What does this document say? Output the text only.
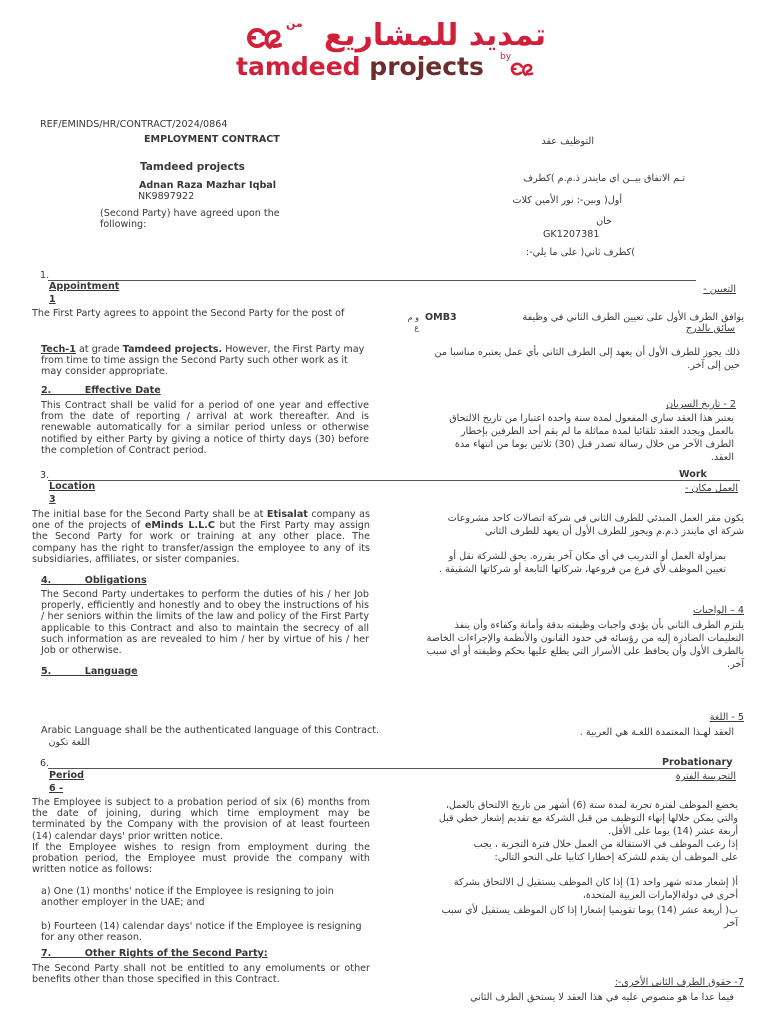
من تمديد للمشاريع
tamdeed projects by
REF/EMINDS/HR/CONTRACT/2024/0864
EMPLOYMENT CONTRACT	التوظيف عقد
Tamdeed projects
Adnan Raza Mazhar Iqbal
NK9897922
(Second Party) have agreed upon the following:
تـم الاتفاق بيــن اي مايندز ذ.م.م )كطرف
أول( وبين-: نور الأمين كلات
خان
GK1207381
)كطرف ثاني( على ما يلي-:
1.
Appointment
1
التعيين -
The First Party agrees to appoint the Second Party for the post of	OMB3
و م ع
يوافق الطرف الأول على تعيين الطرف الثاني في وظيفة
سائق بالدرج

Tech-1 at grade Tamdeed projects. However, the First Party may from time to time assign the Second Party such other work as it may consider appropriate.

ذلك يجوز للطرف الأول أن يعهد إلى الطرف الثاني بأي عمل يعتبره مناسبا من حين إلى آخر.
2.          Effective Date
This Contract shall be valid for a period of one year and effective from the date of reporting / arrival at work thereafter. And is renewable automatically for a similar period unless or otherwise notified by either Party by giving a notice of thirty days (30) before the completion of Contract period.
2 - تاريخ السريان
يعتبر هذا العقد ساري المفعول لمدة سنة واحدة اعتبارا من تاريخ الالتحاق بالعمل ويجدد العقد تلقائيا لمدة مماثلة ما لم يقم أحد الطرفين بإخطار الطرف الآخر من خلال رسالة تصدر قبل (30) ثلاثين يوما من انتهاء مدة العقد.
3.	Work
Location
3
العمل مكان -

The initial base for the Second Party shall be at Etisalat company as one of the projects of eMinds L.L.C but the First Party may assign the Second Party for work or training at any other place. The company has the right to transfer/assign the employee to any of its subsidiaries, affiliates, or sister companies.

يكون مقر العمل المبدئي للطرف الثاني في شركة اتصالات كاحد مشروعات شركة اي مايندز ذ.م.م ويجوز للطرف الأول أن يعهد للطرف الثاني
بمزاولة العمل أو التدريب في أي مكان آخر يقرره. يحق للشركة نقل أو تعيين الموظف لأي فرع من فروعها، شركاتها التابعة أو شركاتها الشقيقة .
4.          Obligations
The Second Party undertakes to perform the duties of his / her Job properly, efficiently and honestly and to obey the instructions of his / her seniors within the limits of the law and policy of the First Party applicable to this Contract and also to maintain the secrecy of all such information as are revealed to him / her by virtue of his / her Job or otherwise.
4 – الواجبات
يلتزم الطرف الثاني بأن يؤدي واجبات وظيفته بدقة وأمانة وكفاءة وأن ينفذ التعليمات الصادرة إليه من رؤسائه في حدود القانون والأنظمة والإجراءات الخاصة بالطرف الأول وأن يحافظ على الأسرار التي يطلع عليها بحكم وظيفته أو أي سبب آخر.
5.          Language

Arabic Language shall be the authenticated language of this Contract.

اللغة تكون
5 - اللغة
العقد لهـذا المعتمدة اللغـة هي العربية .
6.	Probationary
Period
6 -
التجريبية الفترة
The Employee is subject to a probation period of six (6) months from the date of joining, during which time employment may be terminated by the Company with the provision of at least fourteen (14) calendar days' prior written notice.
If the Employee wishes to resign from employment during the probation period, the Employee must provide the company with written notice as follows:
a) One (1) months' notice if the Employee is resigning to join another employer in the UAE; and
b) Fourteen (14) calendar days' notice if the Employee is resigning for any other reason.
يخضع الموظف لفترة تجربة لمدة ستة (6) أشهر من تاريخ الالتحاق بالعمل، والتي يمكن خلالها إنهاء التوظيف من قبل الشركة مع تقديم إشعار خطي قبل أربعة عشر (14) يوما على الأقل.
إذا رغب الموظف في الاستقالة من العمل خلال فترة التجربة ، يجب على الموظف أن يقدم للشركة إخطارا كتابيا على النحو التالي:
أ( إشعار مدته شهر واحد (1) إذا كان الموظف يستقيل ل الالتحاق بشركة أخرى في دولةالإمارات العربية المتحدة،
ب( أربعة عشر (14) يوما تقويميا إشعارا إذا كان الموظف يستقيل لأي سبب آخر
7.          Other Rights of the Second Party:
The Second Party shall not be entitled to any emoluments or other benefits other than those specified in this Contract.	7- حقوق الطرف الثاني الأخرى-:
فيما عدا ما هو منصوص عليه في هذا العقد لا يستحق الطرف الثاني
